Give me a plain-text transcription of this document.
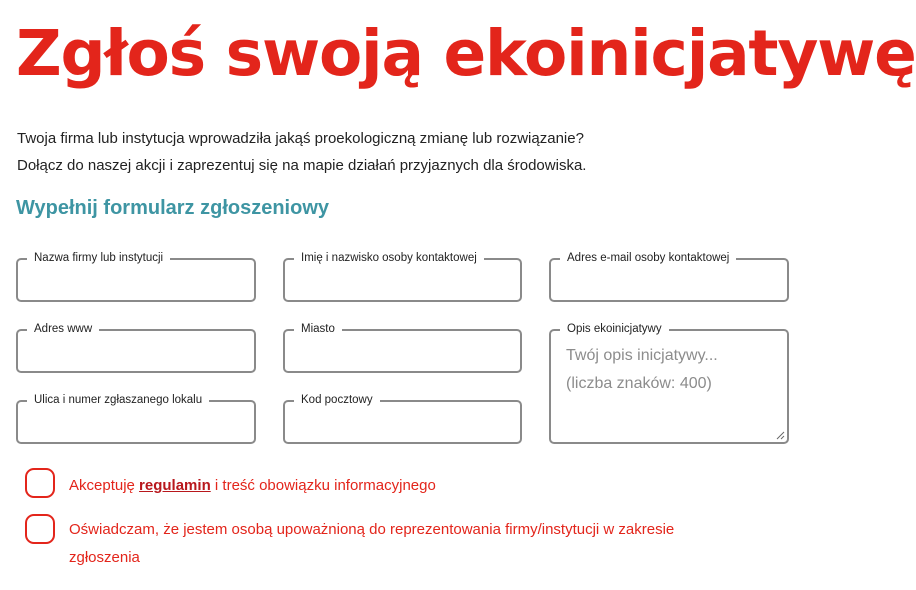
Zgłoś swoją ekoinicjatywę
Twoja firma lub instytucja wprowadziła jakąś proekologiczną zmianę lub rozwiązanie?
Dołącz do naszej akcji i zaprezentuj się na mapie działań przyjaznych dla środowiska.
Wypełnij formularz zgłoszeniowy
Nazwa firmy lub instytucji	Imię i nazwisko osoby kontaktowej	Adres e-mail osoby kontaktowej
Adres www	Miasto	Opis ekoinicjatywy
Twój opis inicjatywy...
(liczba znaków: 400)
Ulica i numer zgłaszanego lokalu	Kod pocztowy
Akceptuję regulamin i treść obowiązku informacyjnego
Oświadczam, że jestem osobą upoważnioną do reprezentowania firmy/instytucji w zakresie
zgłoszenia
